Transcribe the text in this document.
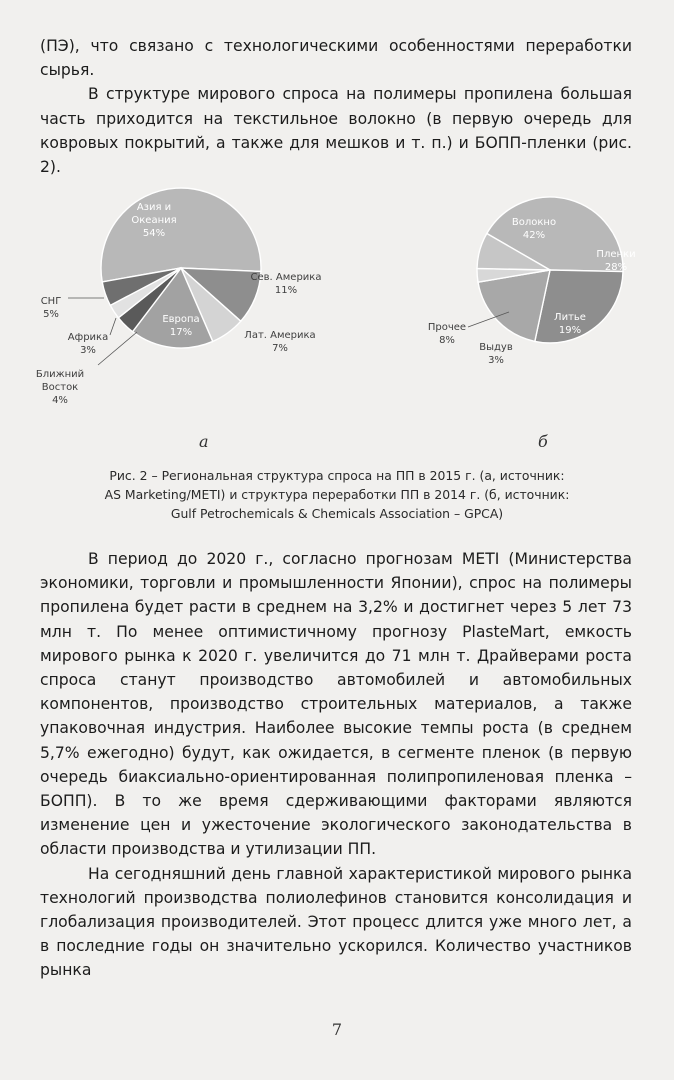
(ПЭ), что связано с технологическими особенностями переработки сырья.

В структуре мирового спроса на полимеры пропилена большая часть приходится на текстильное волокно (в первую очередь для ковровых покрытий, а также для мешков и т. п.) и БОПП-пленки (рис. 2).

Азия и
Океания
54%
Сев. Америка
11%
Лат. Америка
7%
Европа
17%
Ближний
Восток
4%
Африка
3%
СНГ
5%
Волокно
42%
Пленки
28%
Литье
19%
Выдув
3%
Прочее
8%
а	б
Рис. 2 – Региональная структура спроса на ПП в 2015 г. (а, источник:
AS Marketing/METI) и структура переработки ПП в 2014 г. (б, источник:
Gulf Petrochemicals & Chemicals Association – GPCA)

В период до 2020 г., согласно прогнозам METI (Министерства экономики, торговли и промышленности Японии), спрос на полимеры пропилена будет расти в среднем на 3,2% и достигнет через 5 лет 73 млн т. По менее оптимистичному прогнозу PlasteMart, емкость мирового рынка к 2020 г. увеличится до 71 млн т. Драйверами роста спроса станут производство автомобилей и автомобильных компонентов, производство строительных материалов, а также упаковочная индустрия. Наиболее высокие темпы роста (в среднем 5,7% ежегодно) будут, как ожидается, в сегменте пленок (в первую очередь биаксиально-ориентированная полипропиленовая пленка – БОПП). В то же время сдерживающими факторами являются изменение цен и ужесточение экологического законодательства в области производства и утилизации ПП.

На сегодняшний день главной характеристикой мирового рынка технологий производства полиолефинов становится консолидация и глобализация производителей. Этот процесс длится уже много лет, а в последние годы он значительно ускорился. Количество участников рынка

7
